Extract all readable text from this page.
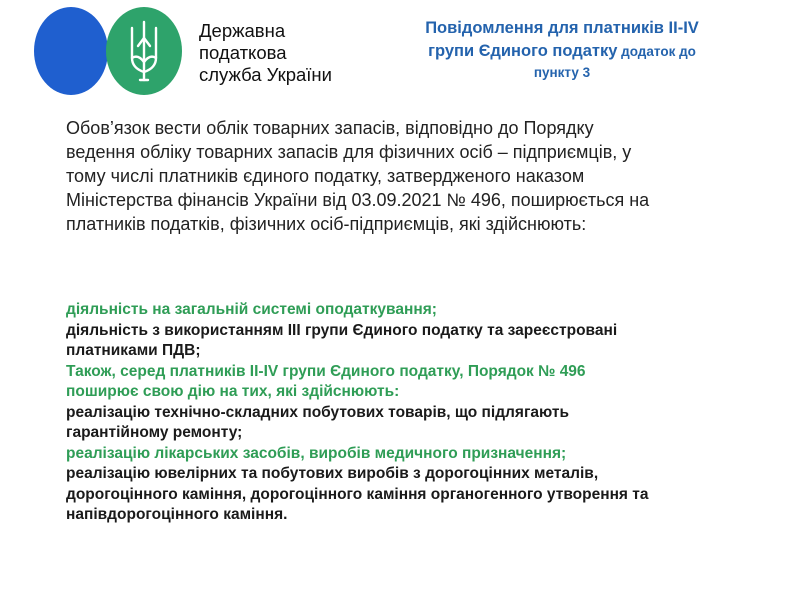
Державна
податкова
служба України
Повідомлення для платників ІІ-ІV
групи Єдиного податку додаток до
пункту 3
Обов’язок вести облік товарних запасів, відповідно до Порядку
ведення обліку товарних запасів для фізичних осіб – підприємців, у
тому числі платників єдиного податку, затвердженого наказом
Міністерства фінансів України від 03.09.2021 № 496, поширюється на
платників податків, фізичних осіб-підприємців, які здійснюють:
діяльність на загальній системі оподаткування;
діяльність з використанням ІІІ групи Єдиного податку та зареєстровані
платниками ПДВ;
Також, серед платників ІІ-ІV групи Єдиного податку, Порядок № 496
поширює свою дію на тих, які здійснюють:
реалізацію технічно-складних побутових товарів, що підлягають
гарантійному ремонту;
реалізацію лікарських засобів, виробів медичного призначення;
реалізацію ювелірних та побутових виробів з дорогоцінних металів,
дорогоцінного каміння, дорогоцінного каміння органогенного утворення та
напівдорогоцінного каміння.
